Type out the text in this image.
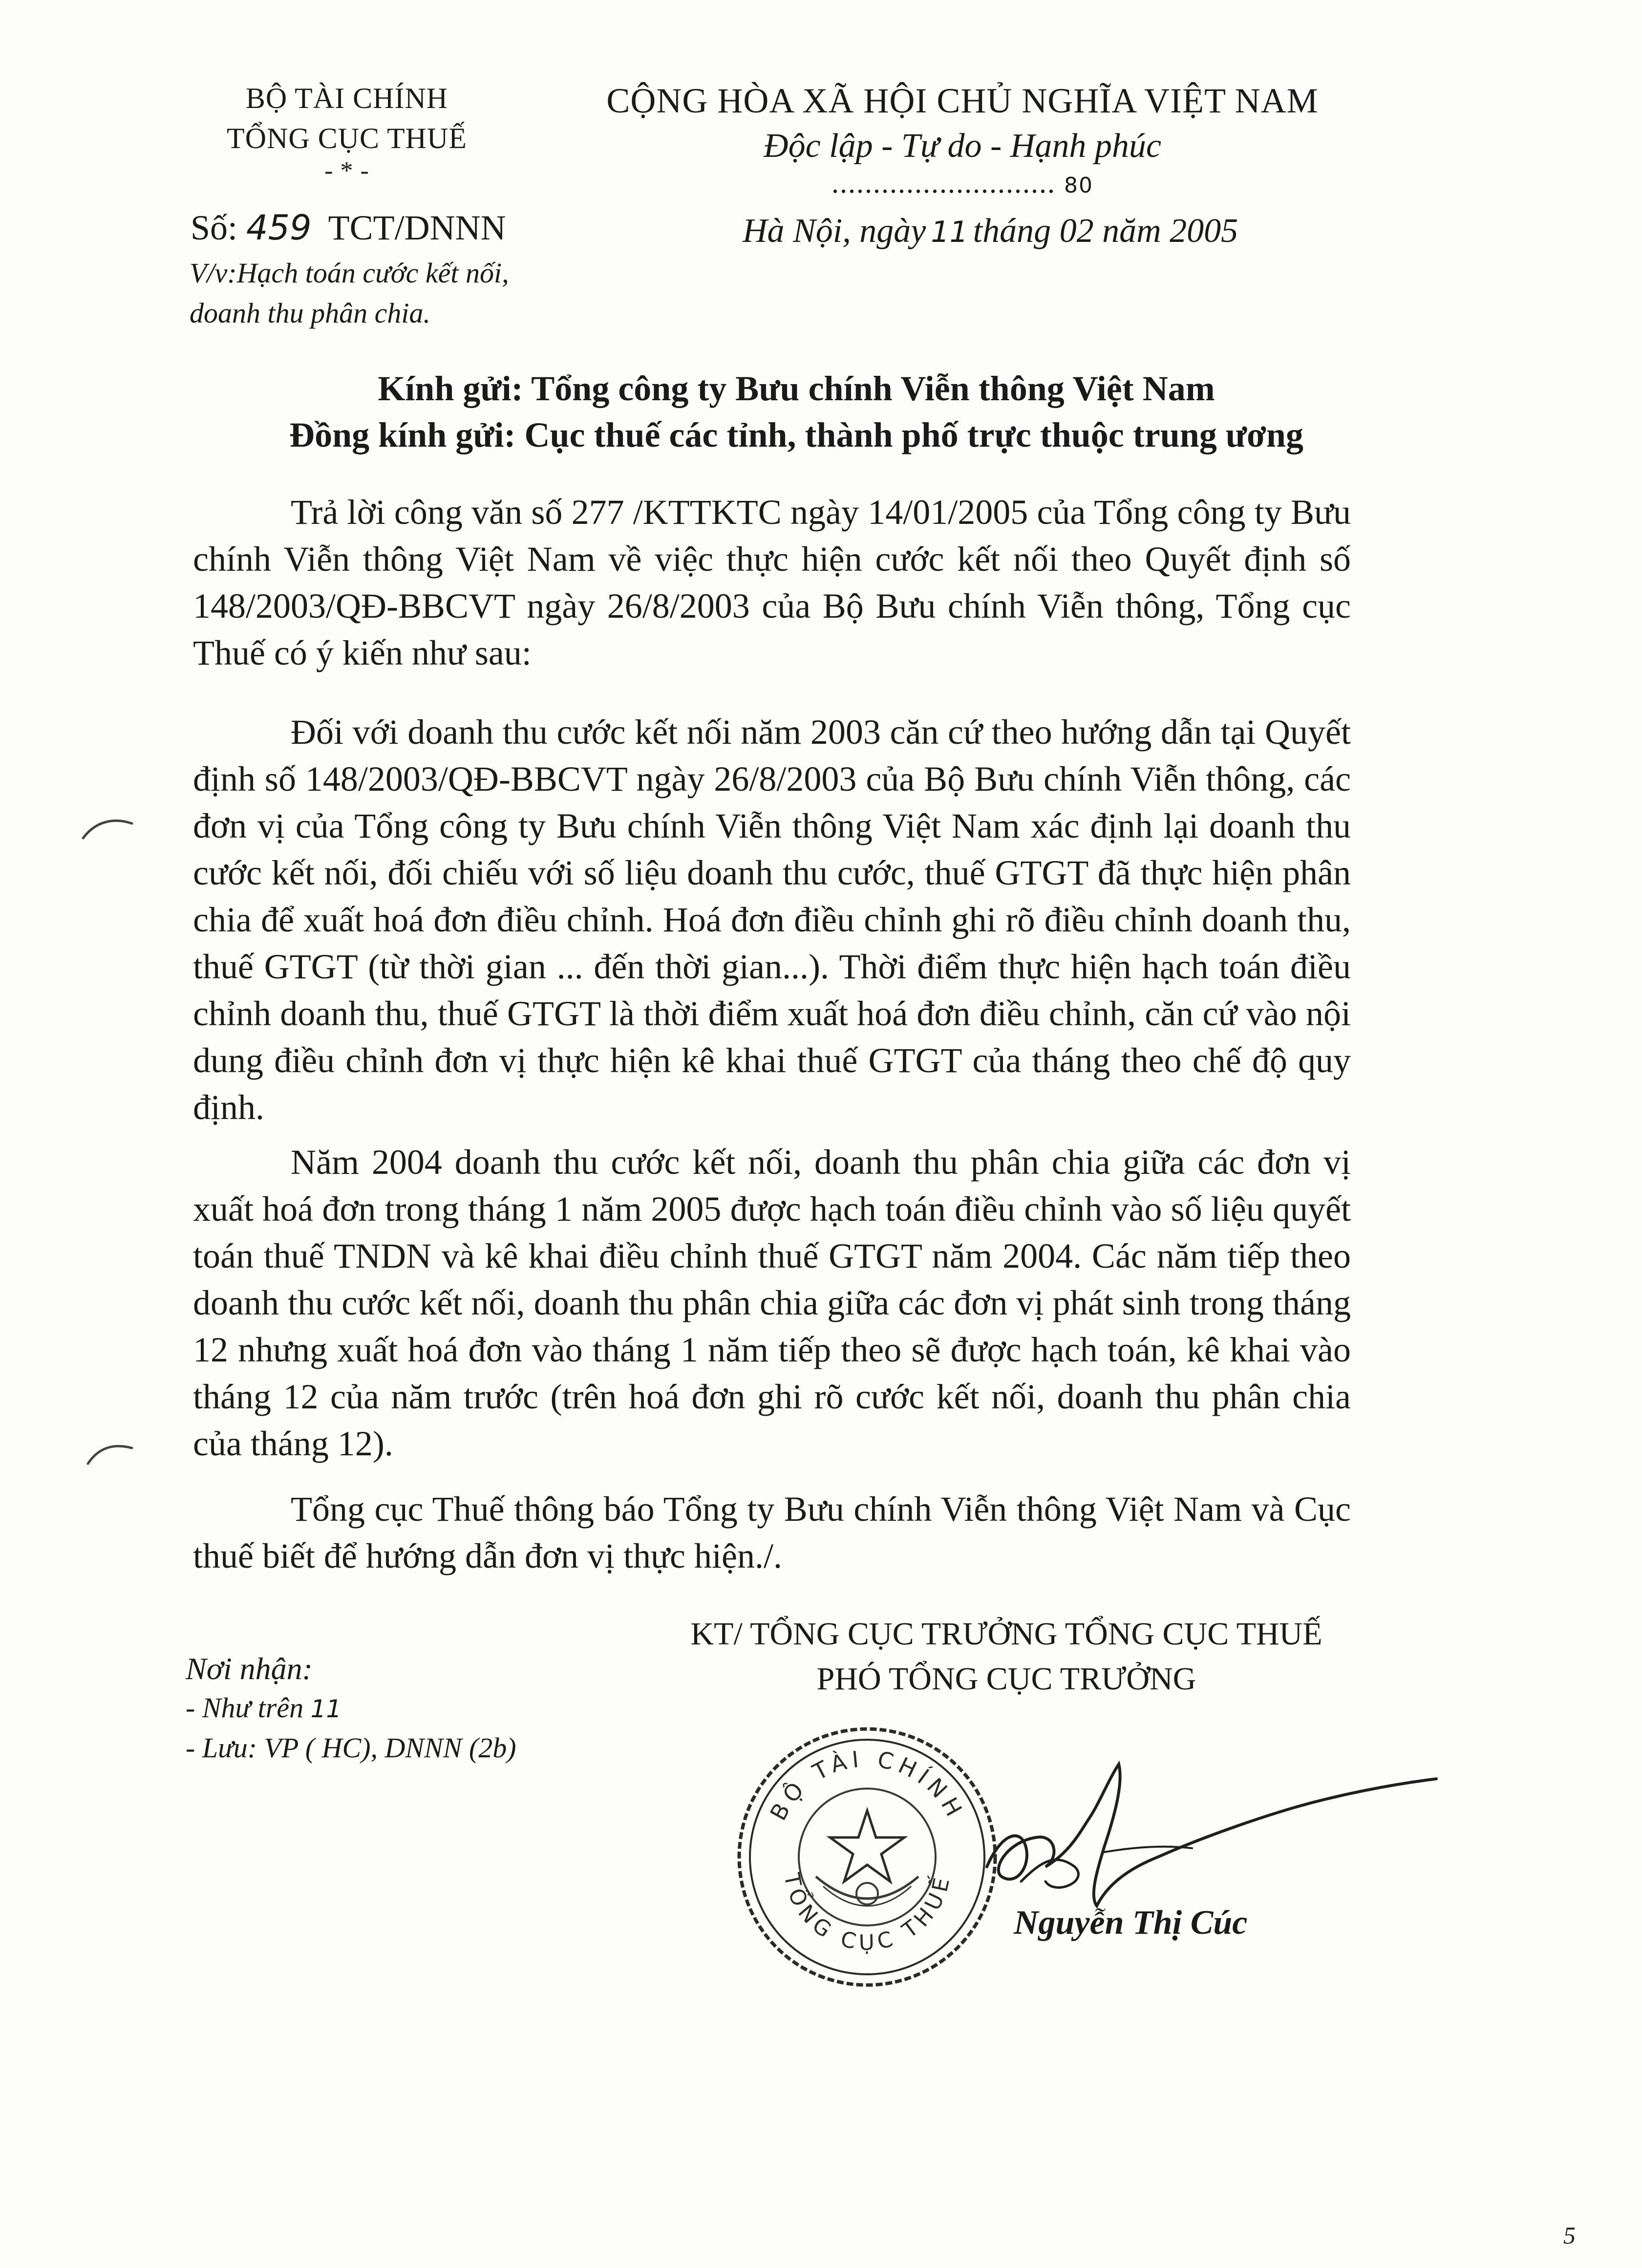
BỘ TÀI CHÍNH
TỔNG CỤC THUẾ
- * -
CỘNG HÒA XÃ HỘI CHỦ NGHĨA VIỆT NAM
Độc lập - Tự do - Hạnh phúc
........................... 80
Số: 459 TCT/DNNN
V/v:Hạch toán cước kết nối,
doanh thu phân chia.
Hà Nội, ngày 11 tháng 02 năm 2005
Kính gửi: Tổng công ty Bưu chính Viễn thông Việt Nam
Đồng kính gửi: Cục thuế các tỉnh, thành phố trực thuộc trung ương
Trả lời công văn số 277 /KTTKTC ngày 14/01/2005 của Tổng công ty Bưu chính Viễn thông Việt Nam về việc thực hiện cước kết nối theo Quyết định số 148/2003/QĐ-BBCVT ngày 26/8/2003 của Bộ Bưu chính Viễn thông, Tổng cục Thuế có ý kiến như sau:
Đối với doanh thu cước kết nối năm 2003 căn cứ theo hướng dẫn tại Quyết định số 148/2003/QĐ-BBCVT ngày 26/8/2003 của Bộ Bưu chính Viễn thông, các đơn vị của Tổng công ty Bưu chính Viễn thông Việt Nam xác định lại doanh thu cước kết nối, đối chiếu với số liệu doanh thu cước, thuế GTGT đã thực hiện phân chia để xuất hoá đơn điều chỉnh. Hoá đơn điều chỉnh ghi rõ điều chỉnh doanh thu, thuế GTGT (từ thời gian ... đến thời gian...). Thời điểm thực hiện hạch toán điều chỉnh doanh thu, thuế GTGT là thời điểm xuất hoá đơn điều chỉnh, căn cứ vào nội dung điều chỉnh đơn vị thực hiện kê khai thuế GTGT của tháng theo chế độ quy định.
Năm 2004 doanh thu cước kết nối, doanh thu phân chia giữa các đơn vị xuất hoá đơn trong tháng 1 năm 2005 được hạch toán điều chỉnh vào số liệu quyết toán thuế TNDN và kê khai điều chỉnh thuế GTGT năm 2004. Các năm tiếp theo doanh thu cước kết nối, doanh thu phân chia giữa các đơn vị phát sinh trong tháng 12 nhưng xuất hoá đơn vào tháng 1 năm tiếp theo sẽ được hạch toán, kê khai vào tháng 12 của năm trước (trên hoá đơn ghi rõ cước kết nối, doanh thu phân chia của tháng 12).
Tổng cục Thuế thông báo Tổng ty Bưu chính Viễn thông Việt Nam và Cục thuế biết để hướng dẫn đơn vị thực hiện./.
KT/ TỔNG CỤC TRƯỞNG TỔNG CỤC THUẾ
PHÓ TỔNG CỤC TRƯỞNG
Nơi nhận:
- Như trên 11
- Lưu: VP ( HC), DNNN (2b)
BỘ TÀI CHÍNH
TỔNG CỤC THUẾ
Nguyễn Thị Cúc
5
